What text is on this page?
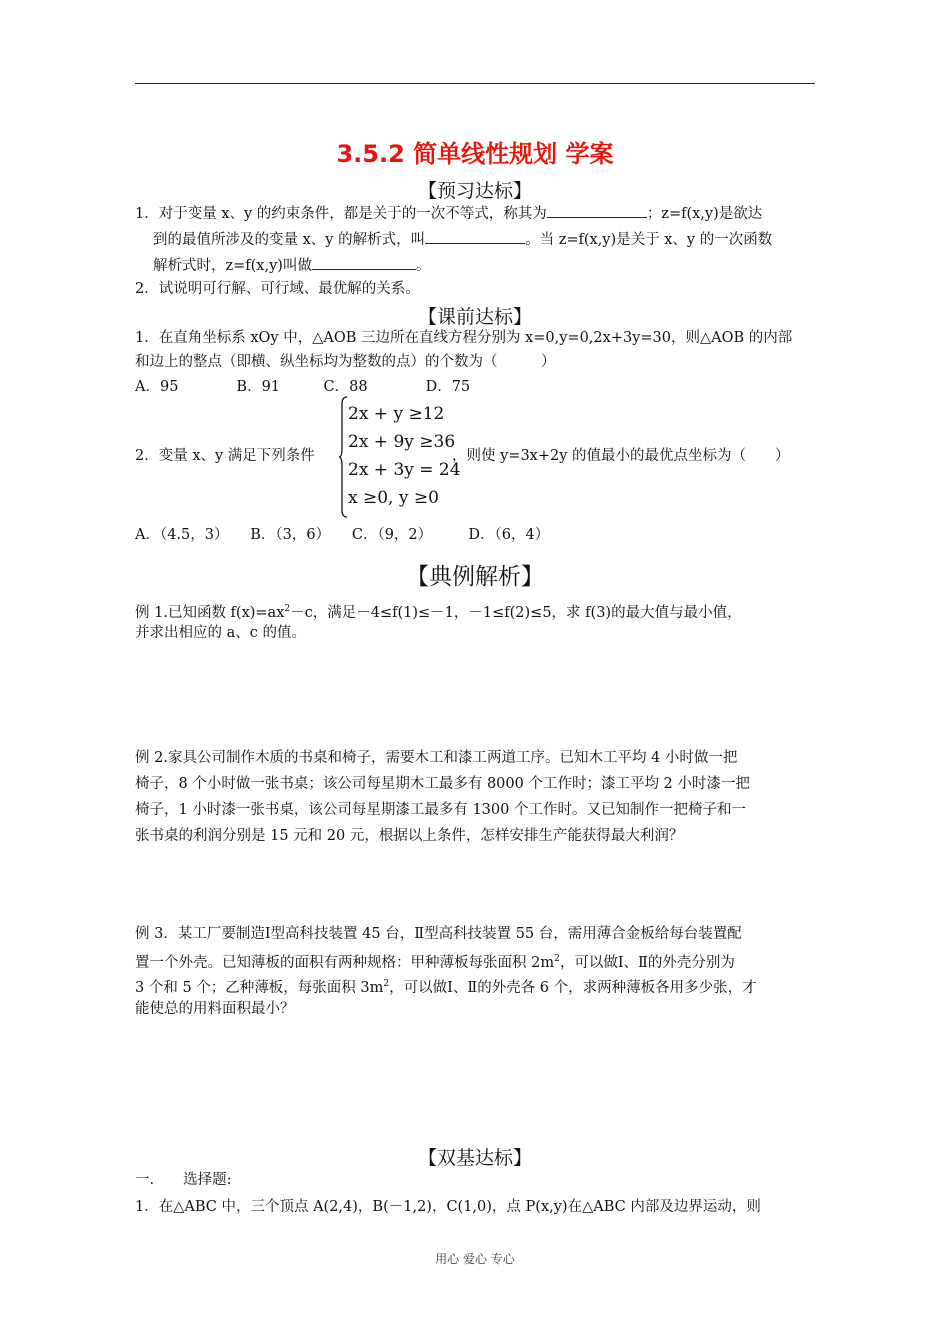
3.5.2 简单线性规划 学案
【预习达标】
1．对于变量 x、y 的约束条件，都是关于的一次不等式，称其为	；z=f(x,y)是欲达
到的最值所涉及的变量 x、y 的解析式，叫	。当 z=f(x,y)是关于 x、y 的一次函数
解析式时，z=f(x,y)叫做	。
2．试说明可行解、可行域、最优解的关系。
【课前达标】
1．在直角坐标系 xOy 中，△AOB 三边所在直线方程分别为 x=0,y=0,2x+3y=30，则△AOB 的内部
和边上的整点（即横、纵坐标均为整数的点）的个数为（　　　）
A．95　　　　B．91　　　C．88　　　　D．75
2．变量 x、y 满足下列条件
2x + y ≥12
2x + 9y ≥36
2x + 3y = 24
x ≥0, y ≥0
，则使 y=3x+2y 的值最小的最优点坐标为（　　）
A．（4.5，3）　　B．（3，6）　　C．（9，2）　　　D．（6，4）
【典例解析】
例 1.已知函数 $f(x)=ax^2-c$，满足－4≤f(1)≤－1，－1≤f(2)≤5，求 f(3)的最大值与最小值，
并求出相应的 a、c 的值。
例 2.家具公司制作木质的书桌和椅子，需要木工和漆工两道工序。已知木工平均 4 小时做一把
椅子，8 个小时做一张书桌；该公司每星期木工最多有 8000 个工作时；漆工平均 2 小时漆一把
椅子，1 小时漆一张书桌，该公司每星期漆工最多有 1300 个工作时。又已知制作一把椅子和一
张书桌的利润分别是 15 元和 20 元，根据以上条件，怎样安排生产能获得最大利润？
例 3．某工厂要制造Ⅰ型高科技装置 45 台，Ⅱ型高科技装置 55 台，需用薄合金板给每台装置配
置一个外壳。已知薄板的面积有两种规格：甲种薄板每张面积 $2m^2$，可以做Ⅰ、Ⅱ的外壳分别为
3 个和 5 个；乙种薄板，每张面积 $3m^2$，可以做Ⅰ、Ⅱ的外壳各 6 个，求两种薄板各用多少张，才
能使总的用料面积最小？
【双基达标】
一.　　选择题:
1．在△ABC 中，三个顶点 A(2,4)，B(－1,2)，C(1,0)，点 P(x,y)在△ABC 内部及边界运动，则
用心 爱心 专心
